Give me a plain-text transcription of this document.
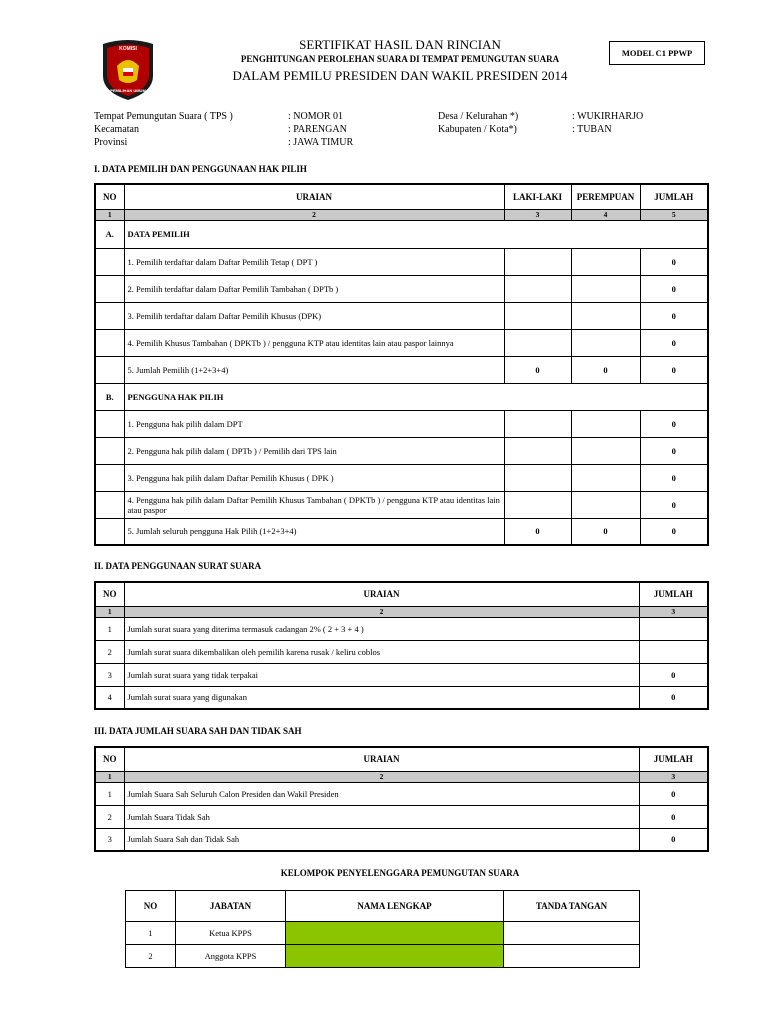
KOMISI
PEMILIHAN UMUM
SERTIFIKAT HASIL DAN RINCIAN
PENGHITUNGAN PEROLEHAN SUARA DI TEMPAT PEMUNGUTAN SUARA
DALAM PEMILU PRESIDEN DAN WAKIL PRESIDEN 2014
MODEL C1 PPWP
Tempat Pemungutan Suara ( TPS )	: NOMOR 01
Kecamatan	: PARENGAN
Provinsi	: JAWA TIMUR
Desa / Kelurahan *)	: WUKIRHARJO
Kabupaten / Kota*)	: TUBAN
I. DATA PEMILIH DAN PENGGUNAAN HAK PILIH
NO	URAIAN	LAKI-LAKI	PEREMPUAN	JUMLAH
1	2	3	4	5
A.	DATA PEMILIH			
	1. Pemilih terdaftar dalam Daftar Pemilih Tetap ( DPT )			0
	2. Pemilih terdaftar dalam Daftar Pemilih Tambahan ( DPTb )			0
	3. Pemilih terdaftar dalam Daftar Pemilih Khusus (DPK)			0
	4. Pemilih Khusus Tambahan ( DPKTb ) / pengguna KTP atau identitas lain atau paspor lainnya			0
	5. Jumlah Pemilih (1+2+3+4)	0	0	0
B.	PENGGUNA HAK PILIH			
	1. Pengguna hak pilih dalam DPT			0
	2. Pengguna hak pilih dalam ( DPTb ) / Pemilih dari TPS lain			0
	3. Pengguna hak pilih dalam Daftar Pemilih Khusus ( DPK )			0
	4. Pengguna hak pilih dalam Daftar Pemilih Khusus Tambahan ( DPKTb ) / pengguna KTP atau identitas lain atau paspor			0
	5. Jumlah seluruh pengguna Hak Pilih (1+2+3+4)	0	0	0
II. DATA PENGGUNAAN SURAT SUARA
NO	URAIAN	JUMLAH
1	2	3
1	Jumlah surat suara yang diterima termasuk cadangan 2% ( 2 + 3 + 4 )	
2	Jumlah surat suara dikembalikan oleh pemilih karena rusak / keliru coblos	
3	Jumlah surat suara yang tidak terpakai	0
4	Jumlah surat suara yang digunakan	0
III. DATA JUMLAH SUARA SAH DAN TIDAK SAH
NO	URAIAN	JUMLAH
1	2	3
1	Jumlah Suara Sah Seluruh Calon Presiden dan Wakil Presiden	0
2	Jumlah Suara Tidak Sah	0
3	Jumlah Suara Sah dan Tidak Sah	0
KELOMPOK PENYELENGGARA PEMUNGUTAN SUARA
NO	JABATAN	NAMA LENGKAP	TANDA TANGAN
1	Ketua KPPS		
2	Anggota KPPS		
